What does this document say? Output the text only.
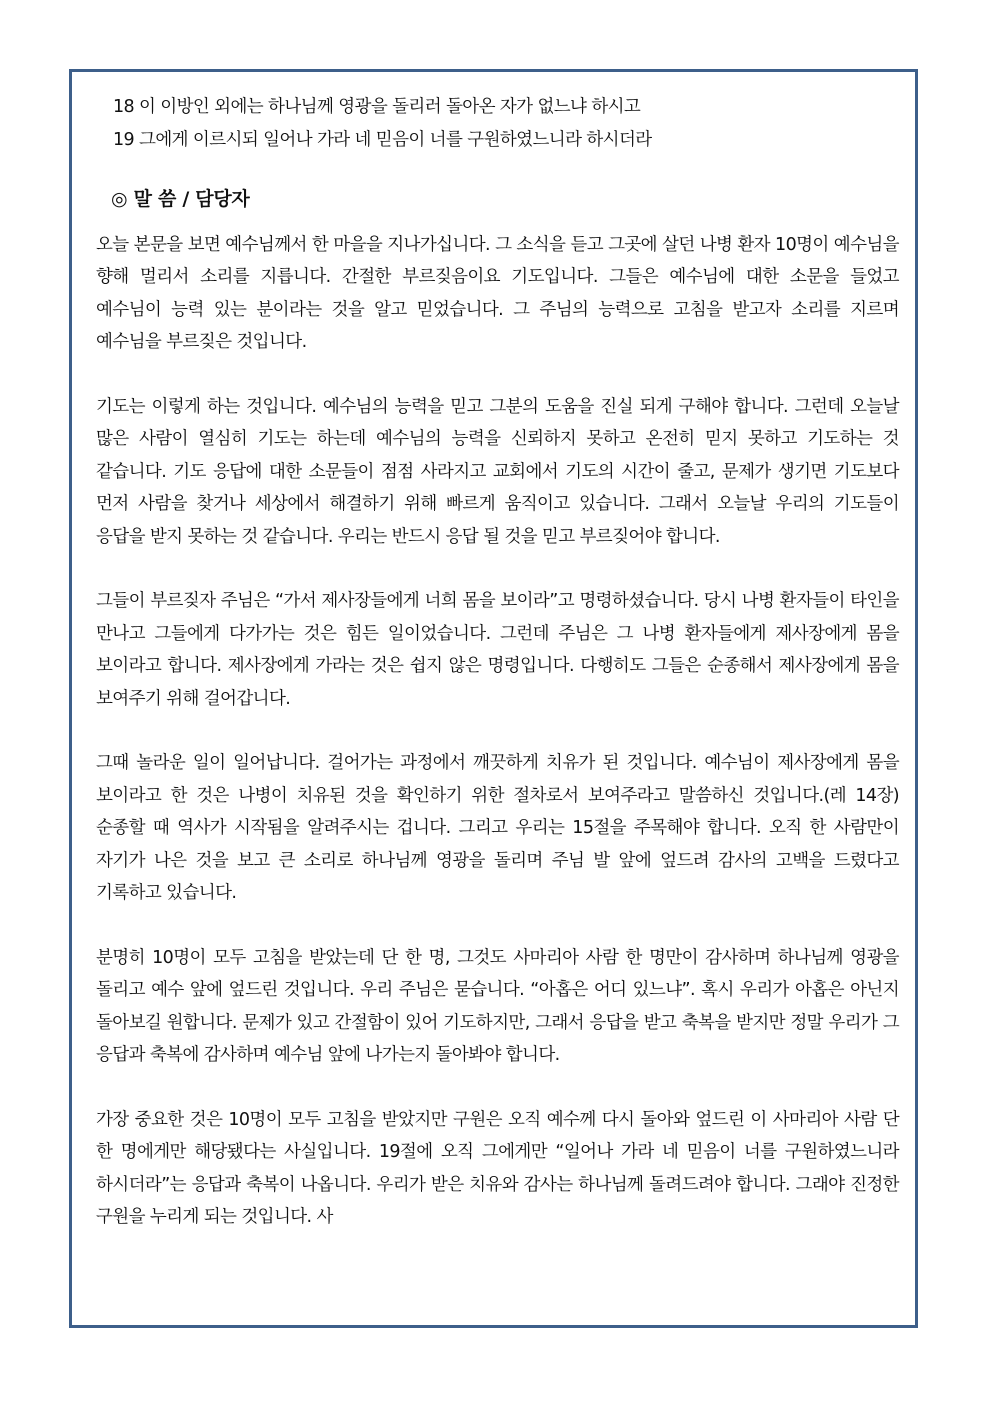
18 이 이방인 외에는 하나님께 영광을 돌리러 돌아온 자가 없느냐 하시고
19 그에게 이르시되 일어나 가라 네 믿음이 너를 구원하였느니라 하시더라
◎ 말 씀 / 담당자

오늘 본문을 보면 예수님께서 한 마을을 지나가십니다. 그 소식을 듣고 그곳에 살던 나병 환자 10명이 예수님을 향해 멀리서 소리를 지릅니다. 간절한 부르짖음이요 기도입니다. 그들은 예수님에 대한 소문을 들었고 예수님이 능력 있는 분이라는 것을 알고 믿었습니다. 그 주님의 능력으로 고침을 받고자 소리를 지르며 예수님을 부르짖은 것입니다.

기도는 이렇게 하는 것입니다. 예수님의 능력을 믿고 그분의 도움을 진실 되게 구해야 합니다. 그런데 오늘날 많은 사람이 열심히 기도는 하는데 예수님의 능력을 신뢰하지 못하고 온전히 믿지 못하고 기도하는 것 같습니다. 기도 응답에 대한 소문들이 점점 사라지고 교회에서 기도의 시간이 줄고, 문제가 생기면 기도보다 먼저 사람을 찾거나 세상에서 해결하기 위해 빠르게 움직이고 있습니다. 그래서 오늘날 우리의 기도들이 응답을 받지 못하는 것 같습니다. 우리는 반드시 응답 될 것을 믿고 부르짖어야 합니다.

그들이 부르짖자 주님은 “가서 제사장들에게 너희 몸을 보이라”고 명령하셨습니다. 당시 나병 환자들이 타인을 만나고 그들에게 다가가는 것은 힘든 일이었습니다. 그런데 주님은 그 나병 환자들에게 제사장에게 몸을 보이라고 합니다. 제사장에게 가라는 것은 쉽지 않은 명령입니다. 다행히도 그들은 순종해서 제사장에게 몸을 보여주기 위해 걸어갑니다.

그때 놀라운 일이 일어납니다. 걸어가는 과정에서 깨끗하게 치유가 된 것입니다. 예수님이 제사장에게 몸을 보이라고 한 것은 나병이 치유된 것을 확인하기 위한 절차로서 보여주라고 말씀하신 것입니다.(레 14장) 순종할 때 역사가 시작됨을 알려주시는 겁니다. 그리고 우리는 15절을 주목해야 합니다. 오직 한 사람만이 자기가 나은 것을 보고 큰 소리로 하나님께 영광을 돌리며 주님 발 앞에 엎드려 감사의 고백을 드렸다고 기록하고 있습니다.

분명히 10명이 모두 고침을 받았는데 단 한 명, 그것도 사마리아 사람 한 명만이 감사하며 하나님께 영광을 돌리고 예수 앞에 엎드린 것입니다. 우리 주님은 묻습니다. “아홉은 어디 있느냐”. 혹시 우리가 아홉은 아닌지 돌아보길 원합니다. 문제가 있고 간절함이 있어 기도하지만, 그래서 응답을 받고 축복을 받지만 정말 우리가 그 응답과 축복에 감사하며 예수님 앞에 나가는지 돌아봐야 합니다.

가장 중요한 것은 10명이 모두 고침을 받았지만 구원은 오직 예수께 다시 돌아와 엎드린 이 사마리아 사람 단 한 명에게만 해당됐다는 사실입니다. 19절에 오직 그에게만 “일어나 가라 네 믿음이 너를 구원하였느니라 하시더라”는 응답과 축복이 나옵니다. 우리가 받은 치유와 감사는 하나님께 돌려드려야 합니다. 그래야 진정한 구원을 누리게 되는 것입니다. 사
